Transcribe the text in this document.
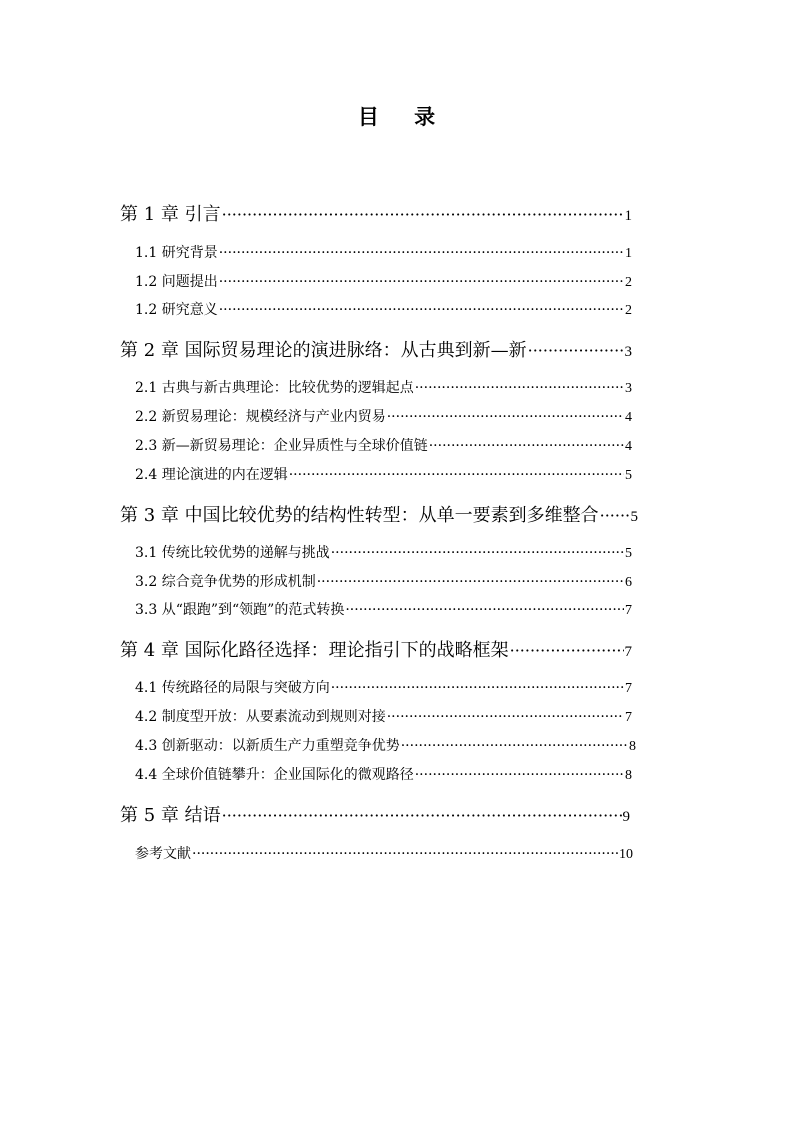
目 录
第 1 章 引言 ·····	1
1.1 研究背景 ·····	1
1.2 问题提出 ·····	2
1.2 研究意义 ·····	2
第 2 章 国际贸易理论的演进脉络：从古典到新—新 ·····	3
2.1 古典与新古典理论：比较优势的逻辑起点 ·····	3
2.2 新贸易理论：规模经济与产业内贸易 ·····	4
2.3 新—新贸易理论：企业异质性与全球价值链 ·····	4
2.4 理论演进的内在逻辑 ·····	5
第 3 章 中国比较优势的结构性转型：从单一要素到多维整合 ····· 5
3.1 传统比较优势的递解与挑战 ·····	5
3.2 综合竞争优势的形成机制 ·····	6
3.3 从“跟跑”到“领跑”的范式转换 ·····	7
第 4 章 国际化路径选择：理论指引下的战略框架 ·····	7
4.1 传统路径的局限与突破方向 ·····	7
4.2 制度型开放：从要素流动到规则对接 ·····	7
4.3 创新驱动：以新质生产力重塑竞争优势 ·····	8
4.4 全球价值链攀升：企业国际化的微观路径 ·····	8
第 5 章 结语 ·····	9
参考文献 ·····	10
